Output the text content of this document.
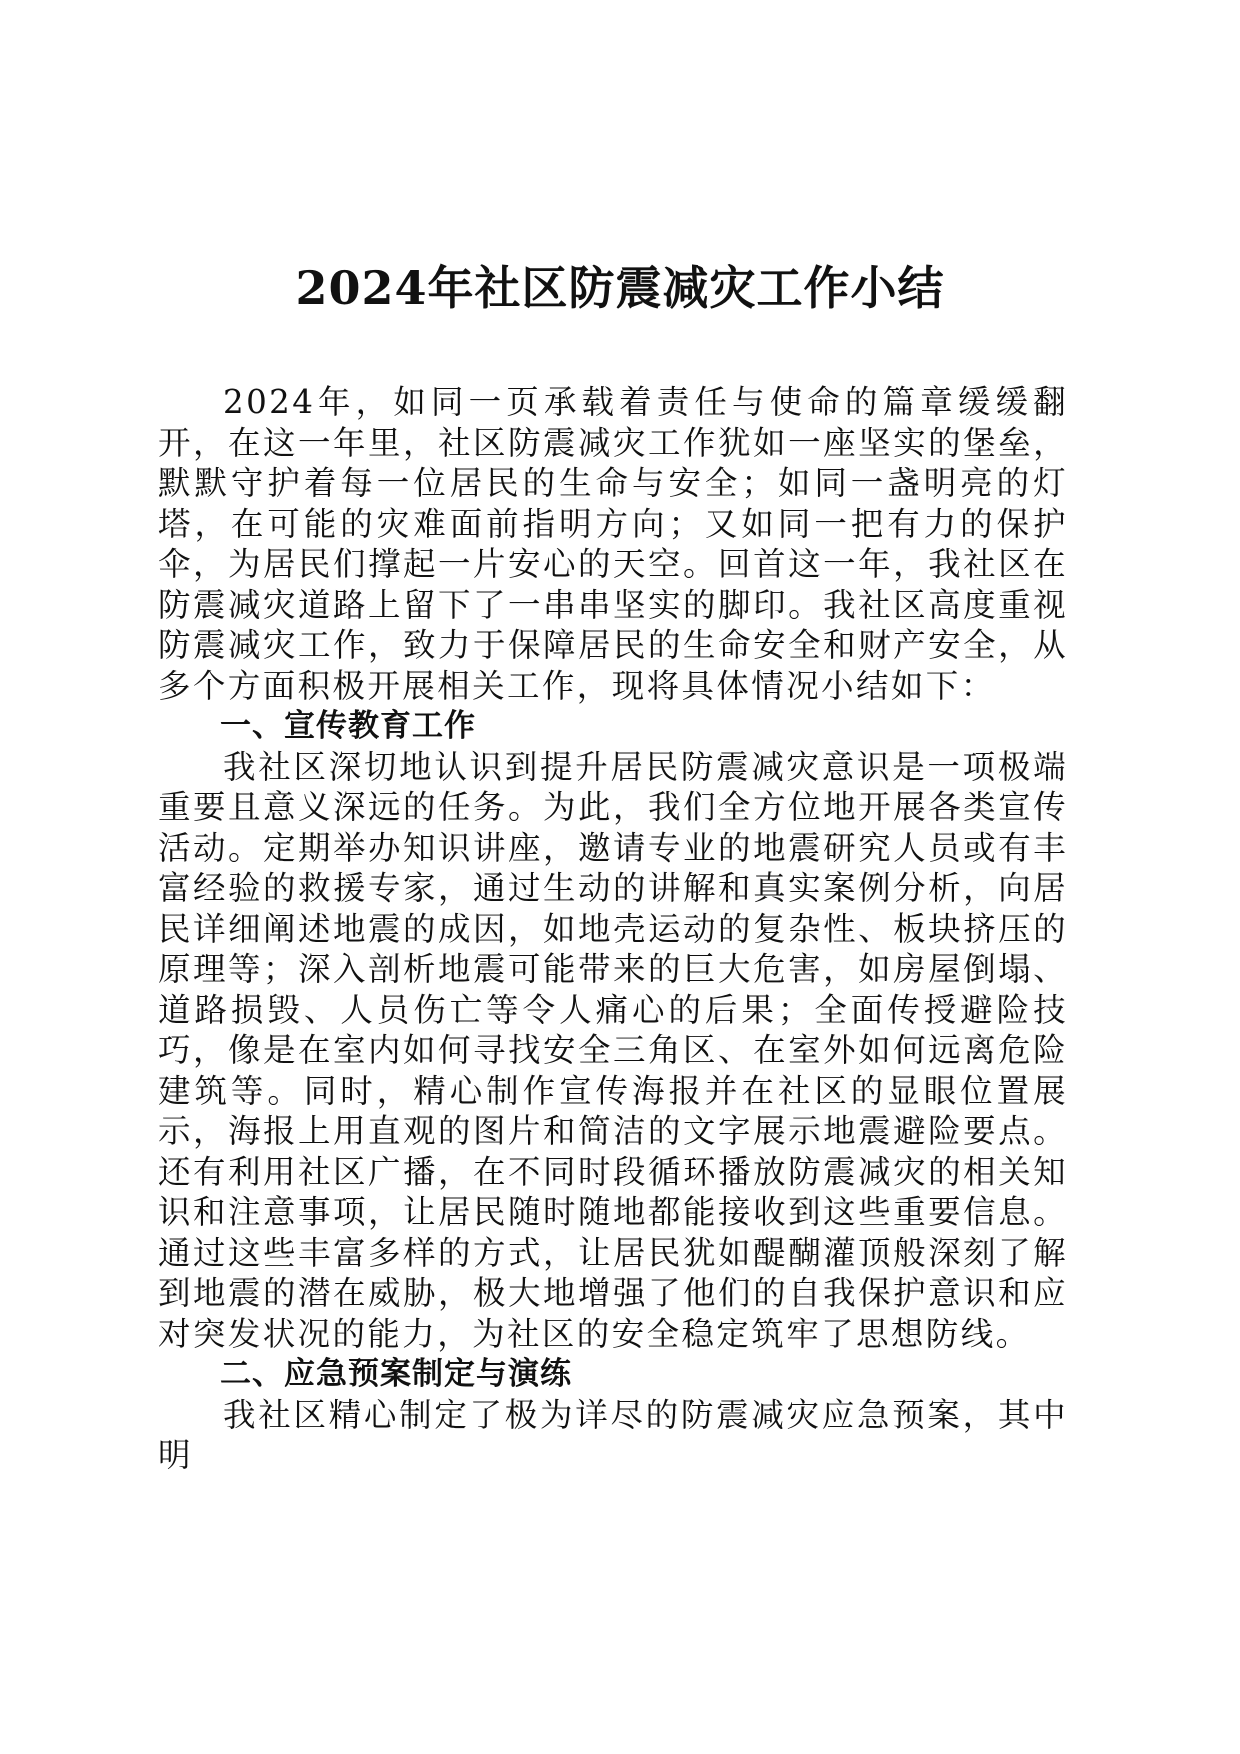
2024年社区防震减灾工作小结

2024年，如同一页承载着责任与使命的篇章缓缓翻开，在这一年里，社区防震减灾工作犹如一座坚实的堡垒，默默守护着每一位居民的生命与安全；如同一盏明亮的灯塔，在可能的灾难面前指明方向；又如同一把有力的保护伞，为居民们撑起一片安心的天空。回首这一年，我社区在防震减灾道路上留下了一串串坚实的脚印。我社区高度重视防震减灾工作，致力于保障居民的生命安全和财产安全，从多个方面积极开展相关工作，现将具体情况小结如下：

一、宣传教育工作

我社区深切地认识到提升居民防震减灾意识是一项极端重要且意义深远的任务。为此，我们全方位地开展各类宣传活动。定期举办知识讲座，邀请专业的地震研究人员或有丰富经验的救援专家，通过生动的讲解和真实案例分析，向居民详细阐述地震的成因，如地壳运动的复杂性、板块挤压的原理等；深入剖析地震可能带来的巨大危害，如房屋倒塌、道路损毁、人员伤亡等令人痛心的后果；全面传授避险技巧，像是在室内如何寻找安全三角区、在室外如何远离危险建筑等。同时，精心制作宣传海报并在社区的显眼位置展示，海报上用直观的图片和简洁的文字展示地震避险要点。还有利用社区广播，在不同时段循环播放防震减灾的相关知识和注意事项，让居民随时随地都能接收到这些重要信息。通过这些丰富多样的方式，让居民犹如醍醐灌顶般深刻了解到地震的潜在威胁，极大地增强了他们的自我保护意识和应对突发状况的能力，为社区的安全稳定筑牢了思想防线。

二、应急预案制定与演练

我社区精心制定了极为详尽的防震减灾应急预案，其中明
